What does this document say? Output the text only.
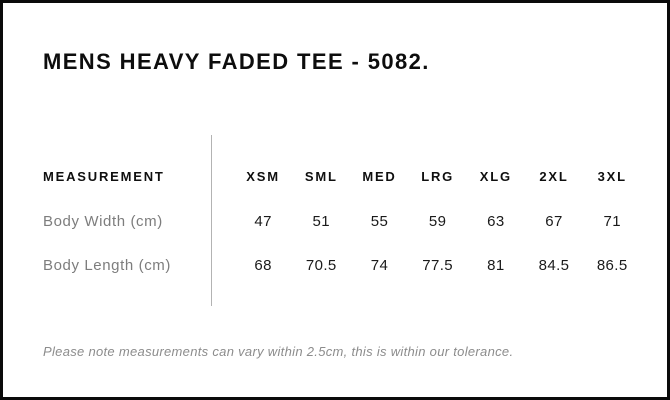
MENS HEAVY FADED TEE - 5082.
MEASUREMENT	XSM	SML	MED	LRG	XLG	2XL	3XL
Body Width (cm)	47	51	55	59	63	67	71
Body Length (cm)	68	70.5	74	77.5	81	84.5	86.5

Please note measurements can vary within 2.5cm, this is within our tolerance.
